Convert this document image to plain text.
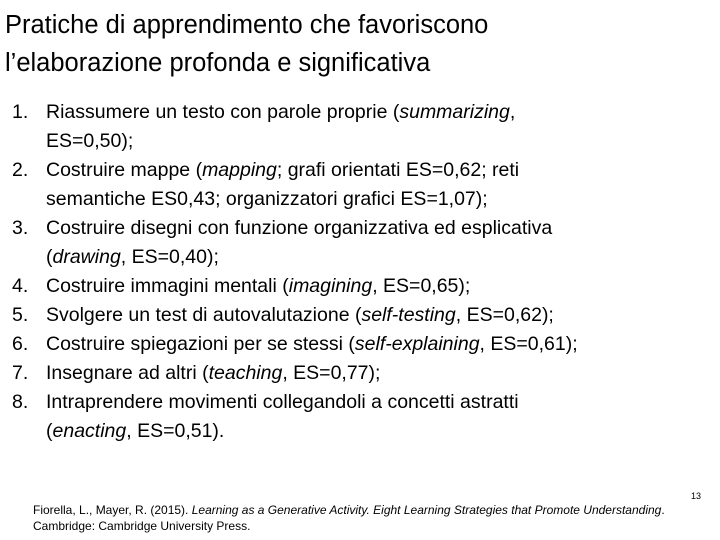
Pratiche di apprendimento che favoriscono
l’elaborazione profonda e significativa
1. Riassumere un testo con parole proprie (summarizing,
ES=0,50);
2. Costruire mappe (mapping; grafi orientati ES=0,62; reti
semantiche ES0,43; organizzatori grafici ES=1,07);
3. Costruire disegni con funzione organizzativa ed esplicativa
(drawing, ES=0,40);
4. Costruire immagini mentali (imagining, ES=0,65);
5. Svolgere un test di autovalutazione (self-testing, ES=0,62);
6. Costruire spiegazioni per se stessi (self-explaining, ES=0,61);
7. Insegnare ad altri (teaching, ES=0,77);
8. Intraprendere movimenti collegandoli a concetti astratti
(enacting, ES=0,51).
Fiorella, L., Mayer, R. (2015). Learning as a Generative Activity. Eight Learning Strategies that Promote Understanding. Cambridge: Cambridge University Press.
13
